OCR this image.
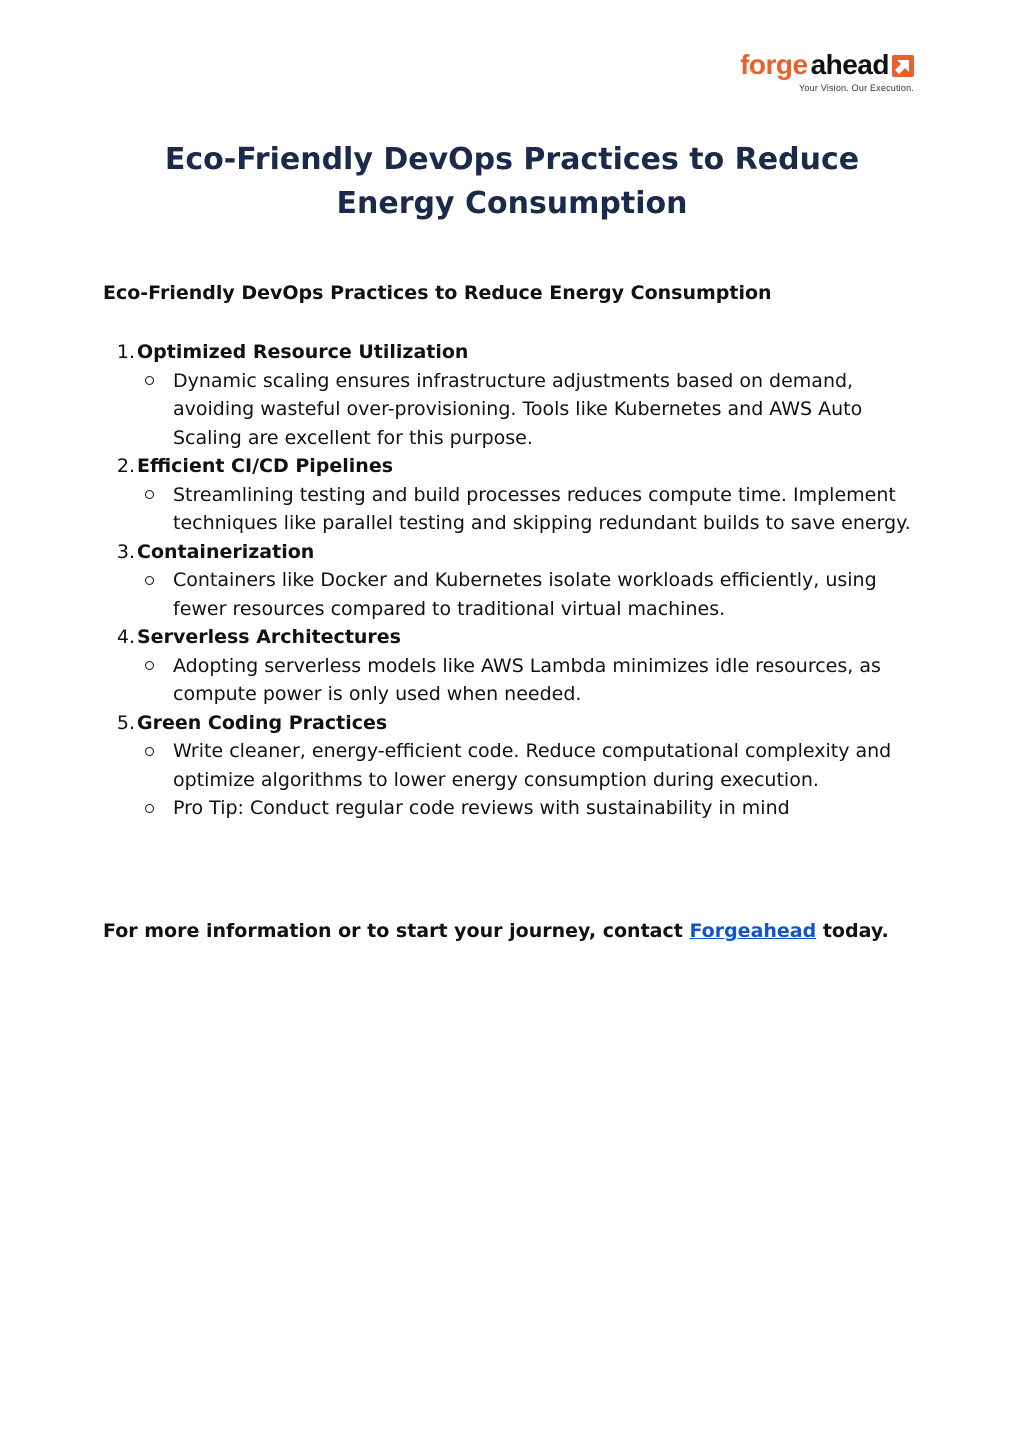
forge ahead
Your Vision. Our Execution.
Eco-Friendly DevOps Practices to Reduce Energy Consumption
Eco-Friendly DevOps Practices to Reduce Energy Consumption
1. Optimized Resource Utilization
Dynamic scaling ensures infrastructure adjustments based on demand, avoiding wasteful over-provisioning. Tools like Kubernetes and AWS Auto Scaling are excellent for this purpose.
2. Efficient CI/CD Pipelines
Streamlining testing and build processes reduces compute time. Implement techniques like parallel testing and skipping redundant builds to save energy.
3. Containerization
Containers like Docker and Kubernetes isolate workloads efficiently, using fewer resources compared to traditional virtual machines.
4. Serverless Architectures
Adopting serverless models like AWS Lambda minimizes idle resources, as compute power is only used when needed.
5. Green Coding Practices
Write cleaner, energy-efficient code. Reduce computational complexity and optimize algorithms to lower energy consumption during execution.
Pro Tip: Conduct regular code reviews with sustainability in mind

For more information or to start your journey, contact Forgeahead today.
